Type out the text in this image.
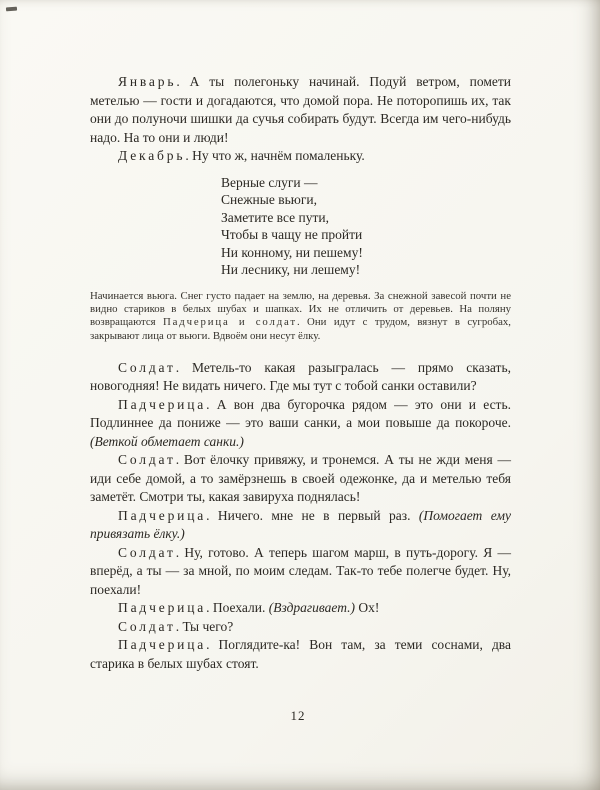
Январь. А ты полегоньку начинай. Подуй ветром, помети метелью — гости и догадаются, что домой пора. Не поторопишь их, так они до полуночи шишки да сучья собирать будут. Всегда им чего-нибудь надо. На то они и люди!

Декабрь. Ну что ж, начнём помаленьку.

Верные слуги —
Снежные вьюги,
Заметите все пути,
Чтобы в чащу не пройти
Ни конному, ни пешему!
Ни леснику, ни лешему!

Начинается вьюга. Снег густо падает на землю, на деревья. За снежной завесой почти не видно стариков в белых шубах и шапках. Их не отличить от деревьев. На поляну возвращаются Падчерица и солдат. Они идут с трудом, вязнут в сугробах, закрывают лица от вьюги. Вдвоём они несут ёлку.

Солдат. Метель-то какая разыгралась — прямо сказать, новогодняя! Не видать ничего. Где мы тут с тобой санки оставили?

Падчерица. А вон два бугорочка рядом — это они и есть. Подлиннее да пониже — это ваши санки, а мои повыше да покороче. (Веткой обметает санки.)

Солдат. Вот ёлочку привяжу, и тронемся. А ты не жди меня — иди себе домой, а то замёрзнешь в своей одежонке, да и метелью тебя заметёт. Смотри ты, какая завируха поднялась!

Падчерица. Ничего. мне не в первый раз. (Помогает ему привязать ёлку.)

Солдат. Ну, готово. А теперь шагом марш, в путь-дорогу. Я — вперёд, а ты — за мной, по моим следам. Так-то тебе полегче будет. Ну, поехали!

Падчерица. Поехали. (Вздрагивает.) Ох!

Солдат. Ты чего?

Падчерица. Поглядите-ка! Вон там, за теми соснами, два старика в белых шубах стоят.

12
